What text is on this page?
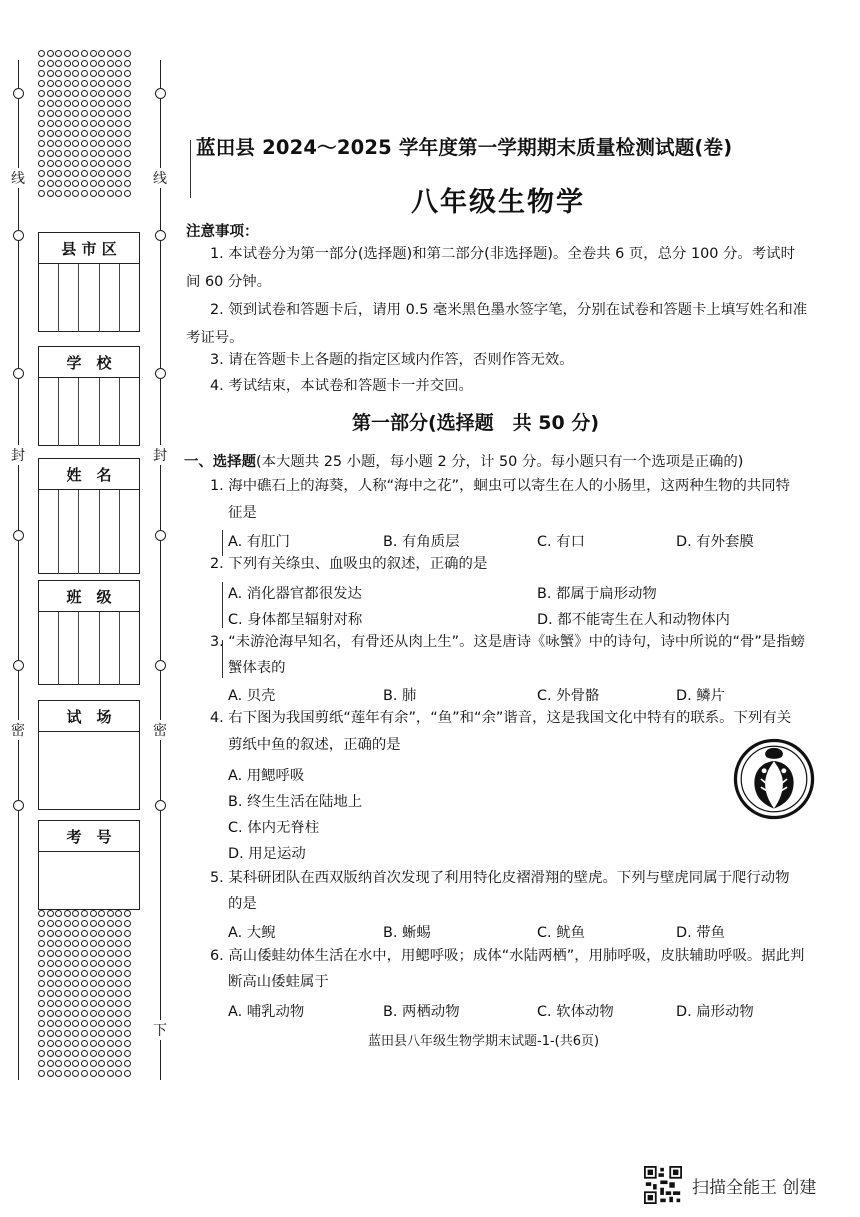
线
封
密
线
封
密
下
县 市 区
学　校
姓　名
班　级
试　场
考　号
蓝田县 2024～2025 学年度第一学期期末质量检测试题(卷)
八年级生物学
注意事项：
1. 本试卷分为第一部分(选择题)和第二部分(非选择题)。全卷共 6 页，总分 100 分。考试时
间 60 分钟。
2. 领到试卷和答题卡后，请用 0.5 毫米黑色墨水签字笔，分别在试卷和答题卡上填写姓名和准
考证号。
3. 请在答题卡上各题的指定区域内作答，否则作答无效。
4. 考试结束，本试卷和答题卡一并交回。
第一部分(选择题　共 50 分)
一、选择题(本大题共 25 小题，每小题 2 分，计 50 分。每小题只有一个选项是正确的)
1. 海中礁石上的海葵，人称“海中之花”，蛔虫可以寄生在人的小肠里，这两种生物的共同特
征是
A. 有肛门	B. 有角质层	C. 有口	D. 有外套膜
2. 下列有关绦虫、血吸虫的叙述，正确的是
A. 消化器官都很发达	B. 都属于扁形动物
C. 身体都呈辐射对称	D. 都不能寄生在人和动物体内
3. “未游沧海早知名，有骨还从肉上生”。这是唐诗《咏蟹》中的诗句，诗中所说的“骨”是指螃
蟹体表的
A. 贝壳	B. 肺	C. 外骨骼	D. 鳞片
4. 右下图为我国剪纸“莲年有余”，“鱼”和“余”谐音，这是我国文化中特有的联系。下列有关
剪纸中鱼的叙述，正确的是
A. 用鳃呼吸
B. 终生生活在陆地上
C. 体内无脊柱
D. 用足运动
5. 某科研团队在西双版纳首次发现了利用特化皮褶滑翔的壁虎。下列与壁虎同属于爬行动物
的是
A. 大鲵	B. 蜥蜴	C. 鱿鱼	D. 带鱼
6. 高山倭蛙幼体生活在水中，用鳃呼吸；成体“水陆两栖”，用肺呼吸，皮肤辅助呼吸。据此判
断高山倭蛙属于
A. 哺乳动物	B. 两栖动物	C. 软体动物	D. 扁形动物
蓝田县八年级生物学期末试题-1-(共6页)
扫描全能王 创建
